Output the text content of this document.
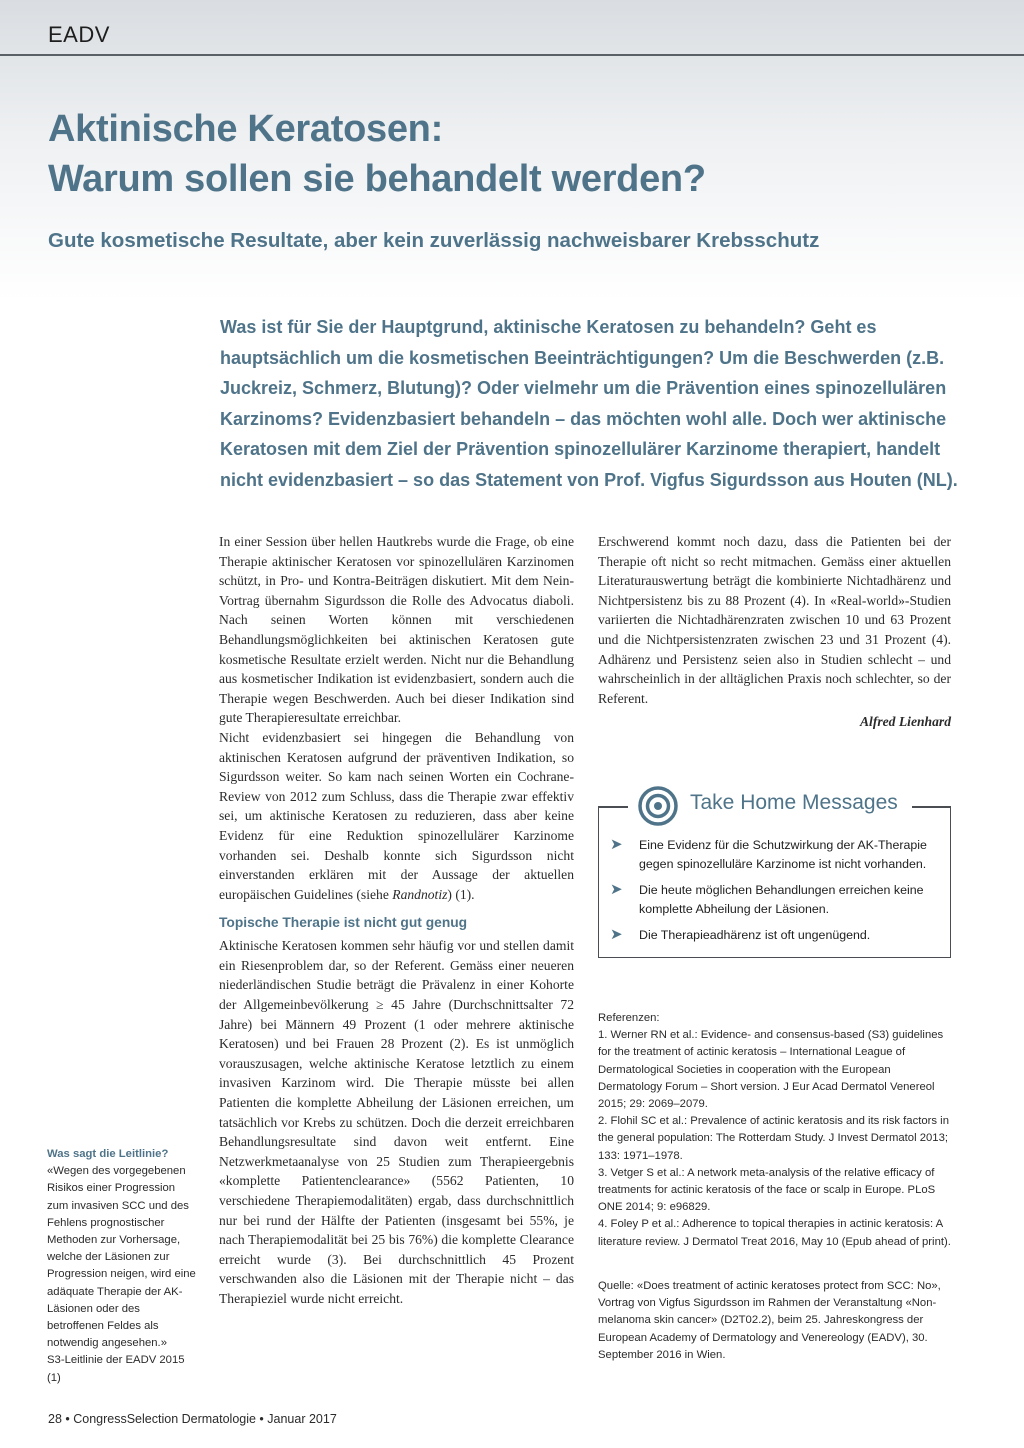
EADV
Aktinische Keratosen:
Warum sollen sie behandelt werden?
Gute kosmetische Resultate, aber kein zuverlässig nachweisbarer Krebsschutz
Was ist für Sie der Hauptgrund, aktinische Keratosen zu behandeln? Geht es hauptsächlich um die kosmetischen Beeinträchtigungen? Um die Beschwerden (z.B. Juckreiz, Schmerz, Blutung)? Oder vielmehr um die Prävention eines spinozellulären Karzinoms? Evidenzbasiert behandeln – das möchten wohl alle. Doch wer aktinische Keratosen mit dem Ziel der Prävention spinozellulärer Karzinome therapiert, handelt nicht evidenzbasiert – so das Statement von Prof. Vigfus Sigurdsson aus Houten (NL).

In einer Session über hellen Hautkrebs wurde die Frage, ob eine Therapie aktinischer Keratosen vor spinozellulären Karzinomen schützt, in Pro- und Kontra-Beiträgen diskutiert. Mit dem Nein-Vortrag übernahm Sigurdsson die Rolle des Advocatus diaboli. Nach seinen Worten können mit verschiedenen Behandlungsmöglichkeiten bei aktinischen Keratosen gute kosmetische Resultate erzielt werden. Nicht nur die Behandlung aus kosmetischer Indikation ist evidenzbasiert, sondern auch die Therapie wegen Beschwerden. Auch bei dieser Indikation sind gute Therapieresultate erreichbar.

Nicht evidenzbasiert sei hingegen die Behandlung von aktinischen Keratosen aufgrund der präventiven Indikation, so Sigurdsson weiter. So kam nach seinen Worten ein Cochrane-Review von 2012 zum Schluss, dass die Therapie zwar effektiv sei, um aktinische Keratosen zu reduzieren, dass aber keine Evidenz für eine Reduktion spinozellulärer Karzinome vorhanden sei. Deshalb konnte sich Sigurdsson nicht einverstanden erklären mit der Aussage der aktuellen europäischen Guidelines (siehe Randnotiz) (1).

Topische Therapie ist nicht gut genug

Aktinische Keratosen kommen sehr häufig vor und stellen damit ein Riesenproblem dar, so der Referent. Gemäss einer neueren niederländischen Studie beträgt die Prävalenz in einer Kohorte der Allgemeinbevölkerung ≥ 45 Jahre (Durchschnittsalter 72 Jahre) bei Männern 49 Prozent (1 oder mehrere aktinische Keratosen) und bei Frauen 28 Prozent (2). Es ist unmöglich vorauszusagen, welche aktinische Keratose letztlich zu einem invasiven Karzinom wird. Die Therapie müsste bei allen Patienten die komplette Abheilung der Läsionen erreichen, um tatsächlich vor Krebs zu schützen. Doch die derzeit erreichbaren Behandlungsresultate sind davon weit entfernt. Eine Netzwerkmetaanalyse von 25 Studien zum Therapieergebnis «komplette Patientenclearance» (5562 Patienten, 10 verschiedene Therapiemodalitäten) ergab, dass durchschnittlich nur bei rund der Hälfte der Patienten (insgesamt bei 55%, je nach Therapiemodalität bei 25 bis 76%) die komplette Clearance erreicht wurde (3). Bei durchschnittlich 45 Prozent verschwanden also die Läsionen mit der Therapie nicht – das Therapieziel wurde nicht erreicht.

Erschwerend kommt noch dazu, dass die Patienten bei der Therapie oft nicht so recht mitmachen. Gemäss einer aktuellen Literaturauswertung beträgt die kombinierte Nichtadhärenz und Nichtpersistenz bis zu 88 Prozent (4). In «Real-world»-Studien variierten die Nichtadhärenzraten zwischen 10 und 63 Prozent und die Nichtpersistenzraten zwischen 23 und 31 Prozent (4). Adhärenz und Persistenz seien also in Studien schlecht – und wahrscheinlich in der alltäglichen Praxis noch schlechter, so der Referent.

Alfred Lienhard
Take Home Messages
➤ Eine Evidenz für die Schutzwirkung der AK-Therapie gegen spinozelluläre Karzinome ist nicht vorhanden.
➤ Die heute möglichen Behandlungen erreichen keine komplette Abheilung der Läsionen.
➤ Die Therapieadhärenz ist oft ungenügend.
Referenzen:
1. Werner RN et al.: Evidence- and consensus-based (S3) guidelines for the treatment of actinic keratosis – International League of Dermatological Societies in cooperation with the European Dermatology Forum – Short version. J Eur Acad Dermatol Venereol 2015; 29: 2069–2079.
2. Flohil SC et al.: Prevalence of actinic keratosis and its risk factors in the general population: The Rotterdam Study. J Invest Dermatol 2013; 133: 1971–1978.
3. Vetger S et al.: A network meta-analysis of the relative efficacy of treatments for actinic keratosis of the face or scalp in Europe. PLoS ONE 2014; 9: e96829.
4. Foley P et al.: Adherence to topical therapies in actinic keratosis: A literature review. J Dermatol Treat 2016, May 10 (Epub ahead of print).
Quelle: «Does treatment of actinic keratoses protect from SCC: No», Vortrag von Vigfus Sigurdsson im Rahmen der Veranstaltung «Non-melanoma skin cancer» (D2T02.2), beim 25. Jahreskongress der European Academy of Dermatology and Venereology (EADV), 30. September 2016 in Wien.
Was sagt die Leitlinie?
«Wegen des vorgegebenen Risikos einer Progression zum invasiven SCC und des Fehlens prognostischer Methoden zur Vorhersage, welche der Läsionen zur Progression neigen, wird eine adäquate Therapie der AK-Läsionen oder des betroffenen Feldes als notwendig angesehen.»
S3-Leitlinie der EADV 2015 (1)
28 • CongressSelection Dermatologie • Januar 2017
